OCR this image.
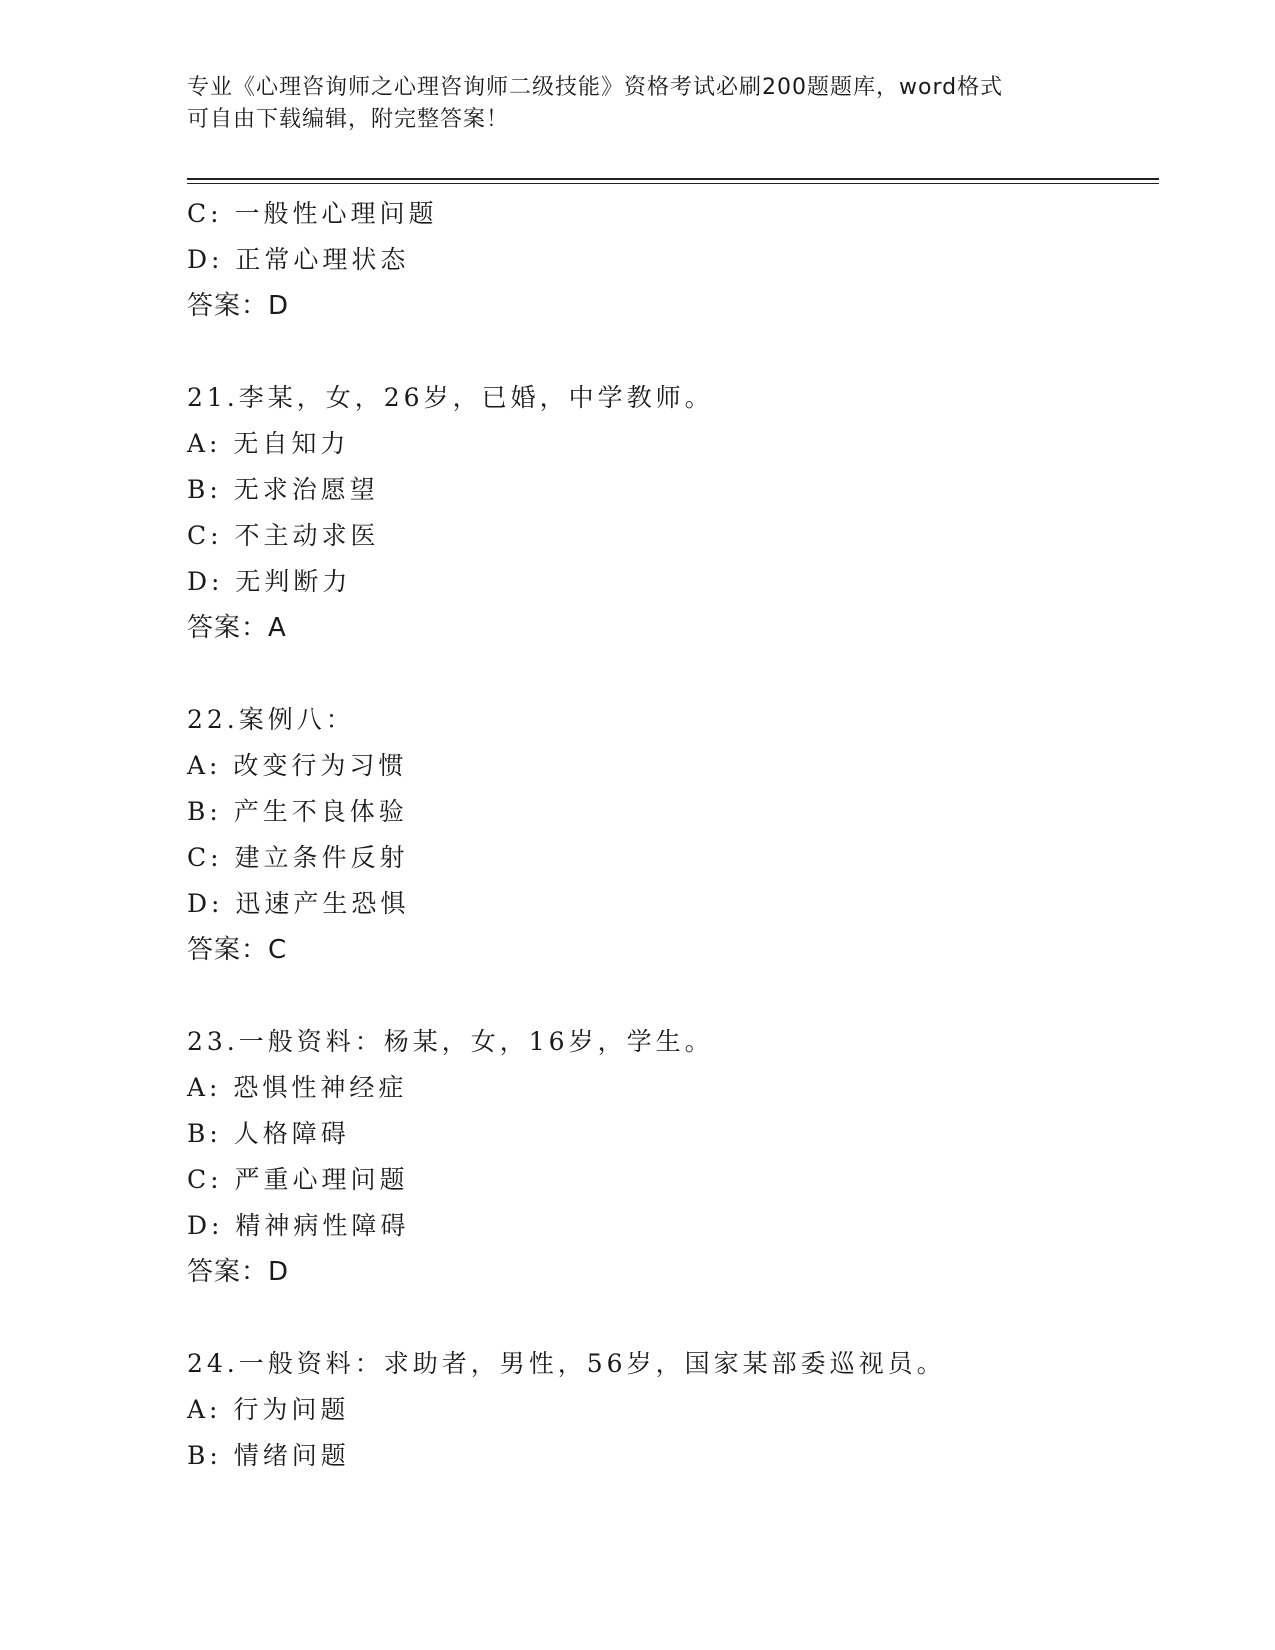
专业《心理咨询师之心理咨询师二级技能》资格考试必刷200题题库，word格式
可自由下载编辑，附完整答案！
C: 一般性心理问题
D: 正常心理状态
答案：D
21.李某，女，26岁，已婚，中学教师。
A: 无自知力
B: 无求治愿望
C: 不主动求医
D: 无判断力
答案：A
22.案例八：
A: 改变行为习惯
B: 产生不良体验
C: 建立条件反射
D: 迅速产生恐惧
答案：C
23.一般资料：杨某，女，16岁，学生。
A: 恐惧性神经症
B: 人格障碍
C: 严重心理问题
D: 精神病性障碍
答案：D
24.一般资料：求助者，男性，56岁，国家某部委巡视员。
A: 行为问题
B: 情绪问题
